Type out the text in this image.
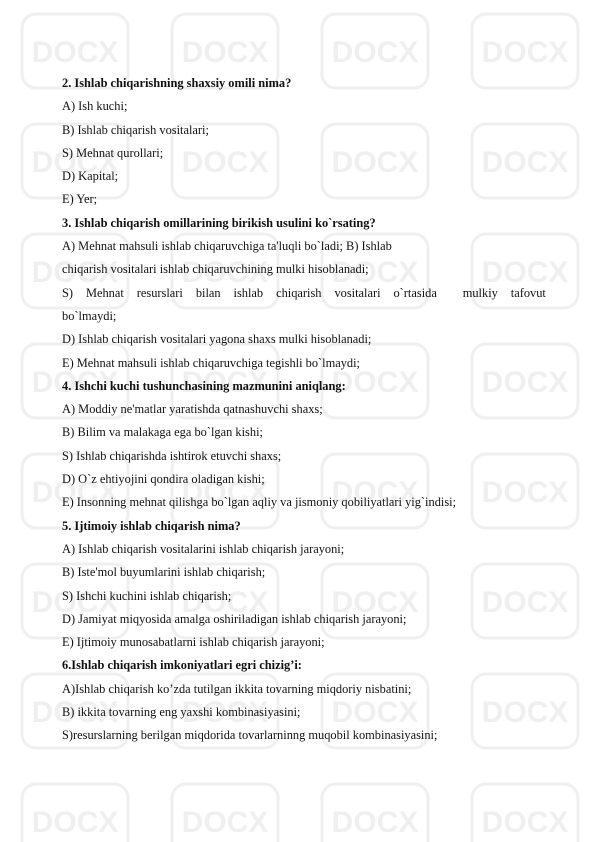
2. Ishlab chiqarishning shaxsiy omili nima?
A) Ish kuchi;
B) Ishlab chiqarish vositalari;
S) Mehnat qurollari;
D) Kapital;
E) Yer;
3. Ishlab chiqarish omillarining birikish usulini ko`rsating?
A) Mehnat mahsuli ishlab chiqaruvchiga ta'luqli bo`ladi; B) Ishlab
chiqarish vositalari ishlab chiqaruvchining mulki hisoblanadi;
S) Mehnat resurslari bilan ishlab chiqarish vositalari o`rtasida mulkiy tafovut
bo`lmaydi;
D) Ishlab chiqarish vositalari yagona shaxs mulki hisoblanadi;
E) Mehnat mahsuli ishlab chiqaruvchiga tegishli bo`lmaydi;
4. Ishchi kuchi tushunchasining mazmunini aniqlang:
A) Moddiy ne'matlar yaratishda qatnashuvchi shaxs;
B) Bilim va malakaga ega bo`lgan kishi;
S) Ishlab chiqarishda ishtirok etuvchi shaxs;
D) O`z ehtiyojini qondira oladigan kishi;
E) Insonning mehnat qilishga bo`lgan aqliy va jismoniy qobiliyatlari yig`indisi;
5. Ijtimoiy ishlab chiqarish nima?
A) Ishlab chiqarish vositalarini ishlab chiqarish jarayoni;
B) Iste'mol buyumlarini ishlab chiqarish;
S) Ishchi kuchini ishlab chiqarish;
D) Jamiyat miqyosida amalga oshiriladigan ishlab chiqarish jarayoni;
E) Ijtimoiy munosabatlarni ishlab chiqarish jarayoni;
6.Ishlab chiqarish imkoniyatlari egri chizig’i:
A)Ishlab chiqarish ko’zda tutilgan ikkita tovarning miqdoriy nisbatini;
B) ikkita tovarning eng yaxshi kombinasiyasini;
S)resurslarning berilgan miqdorida tovarlarninng muqobil kombinasiyasini;
